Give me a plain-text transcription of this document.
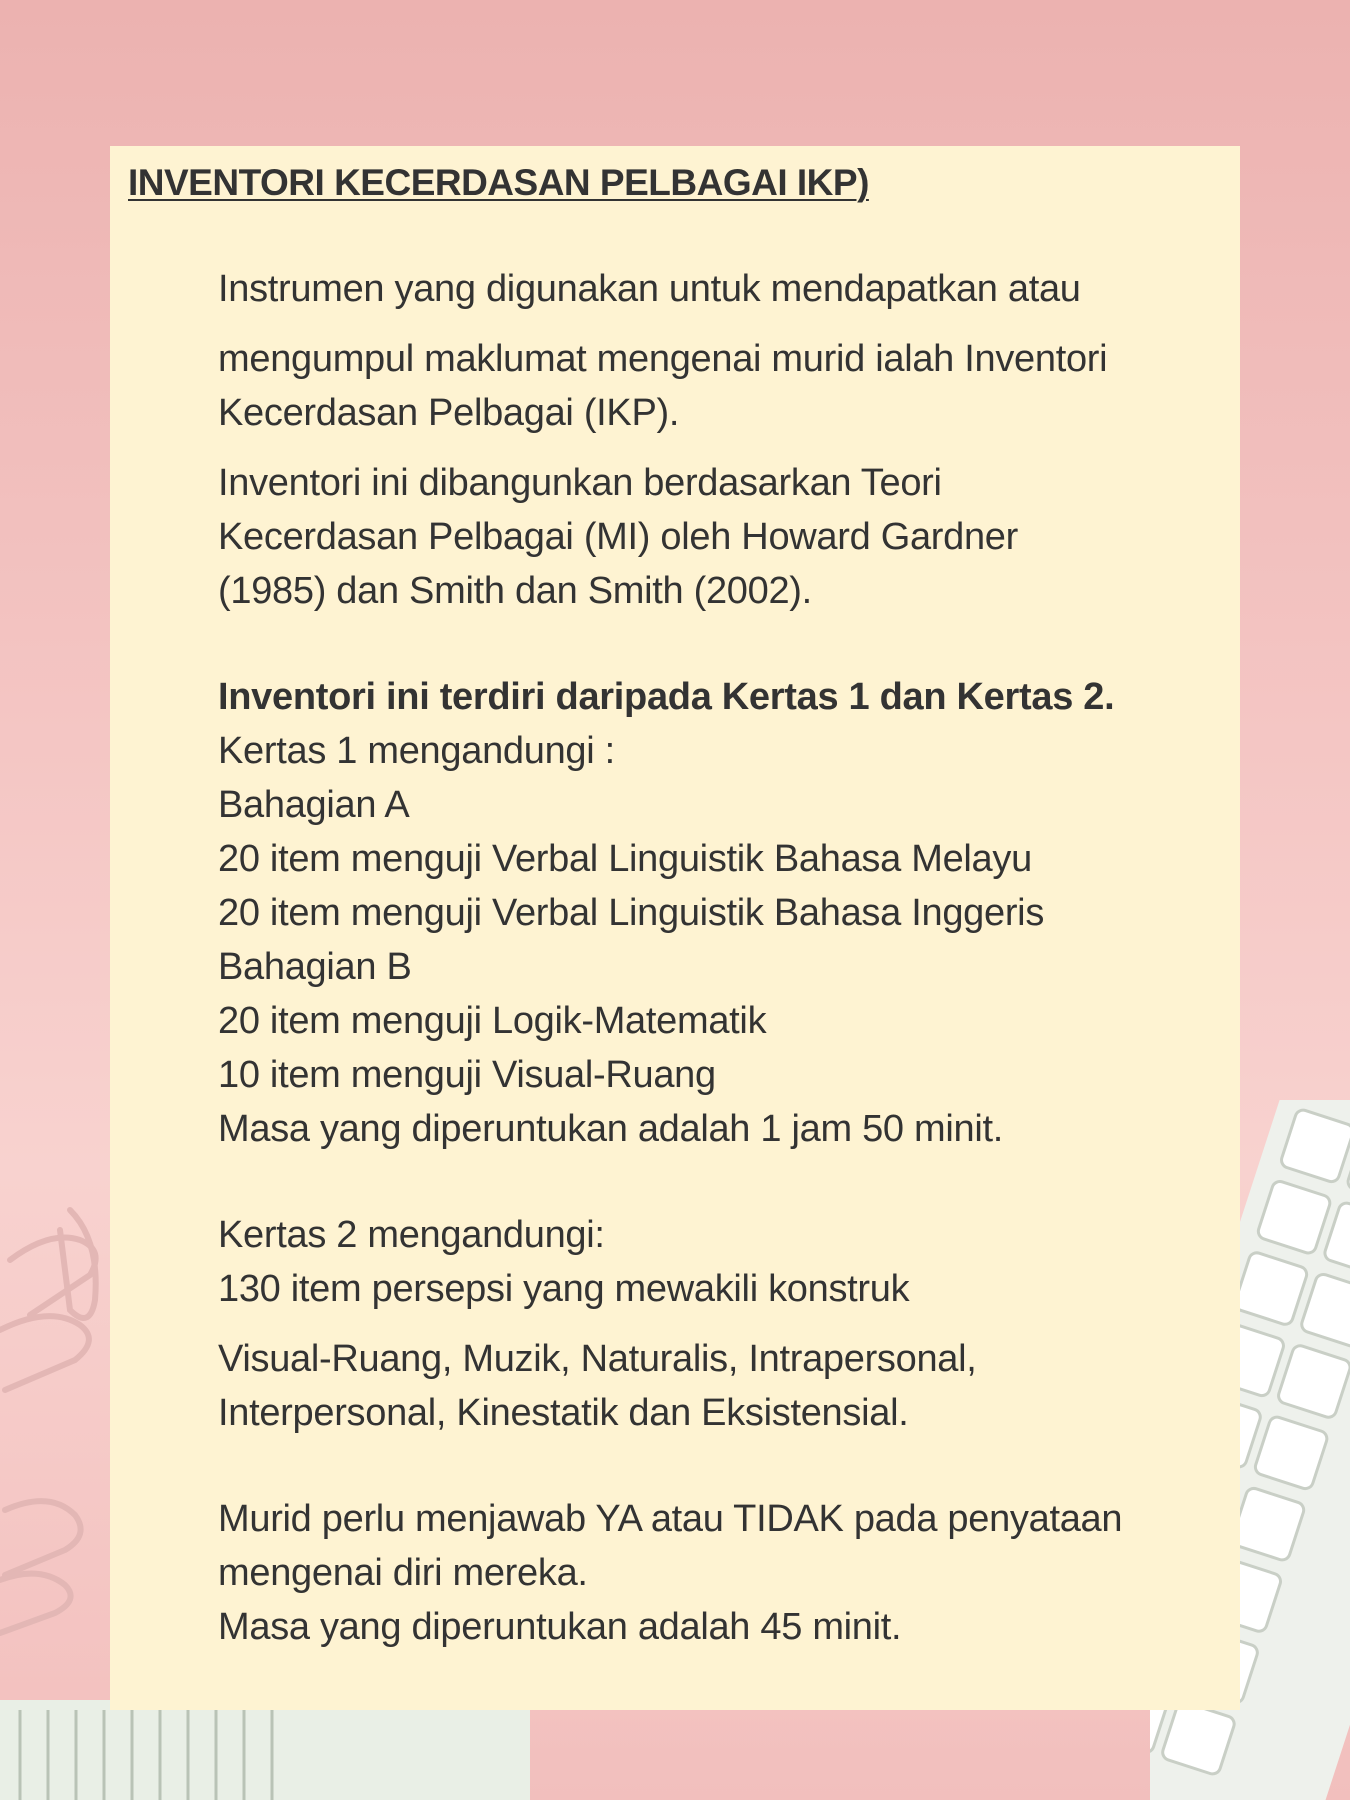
INVENTORI KECERDASAN PELBAGAI IKP)
Instrumen yang digunakan untuk mendapatkan atau
mengumpul maklumat mengenai murid ialah Inventori
Kecerdasan Pelbagai (IKP).
Inventori ini dibangunkan berdasarkan Teori
Kecerdasan Pelbagai (MI) oleh Howard Gardner
(1985) dan Smith dan Smith (2002).
Inventori ini terdiri daripada Kertas 1 dan Kertas 2.
Kertas 1 mengandungi :
Bahagian A
20 item menguji Verbal Linguistik Bahasa Melayu
20 item menguji Verbal Linguistik Bahasa Inggeris
Bahagian B
20 item menguji Logik-Matematik
10 item menguji Visual-Ruang
Masa yang diperuntukan adalah 1 jam 50 minit.
Kertas 2 mengandungi:
130 item persepsi yang mewakili konstruk
Visual-Ruang, Muzik, Naturalis, Intrapersonal,
Interpersonal, Kinestatik dan Eksistensial.
Murid perlu menjawab YA atau TIDAK pada penyataan
mengenai diri mereka.
Masa yang diperuntukan adalah 45 minit.
